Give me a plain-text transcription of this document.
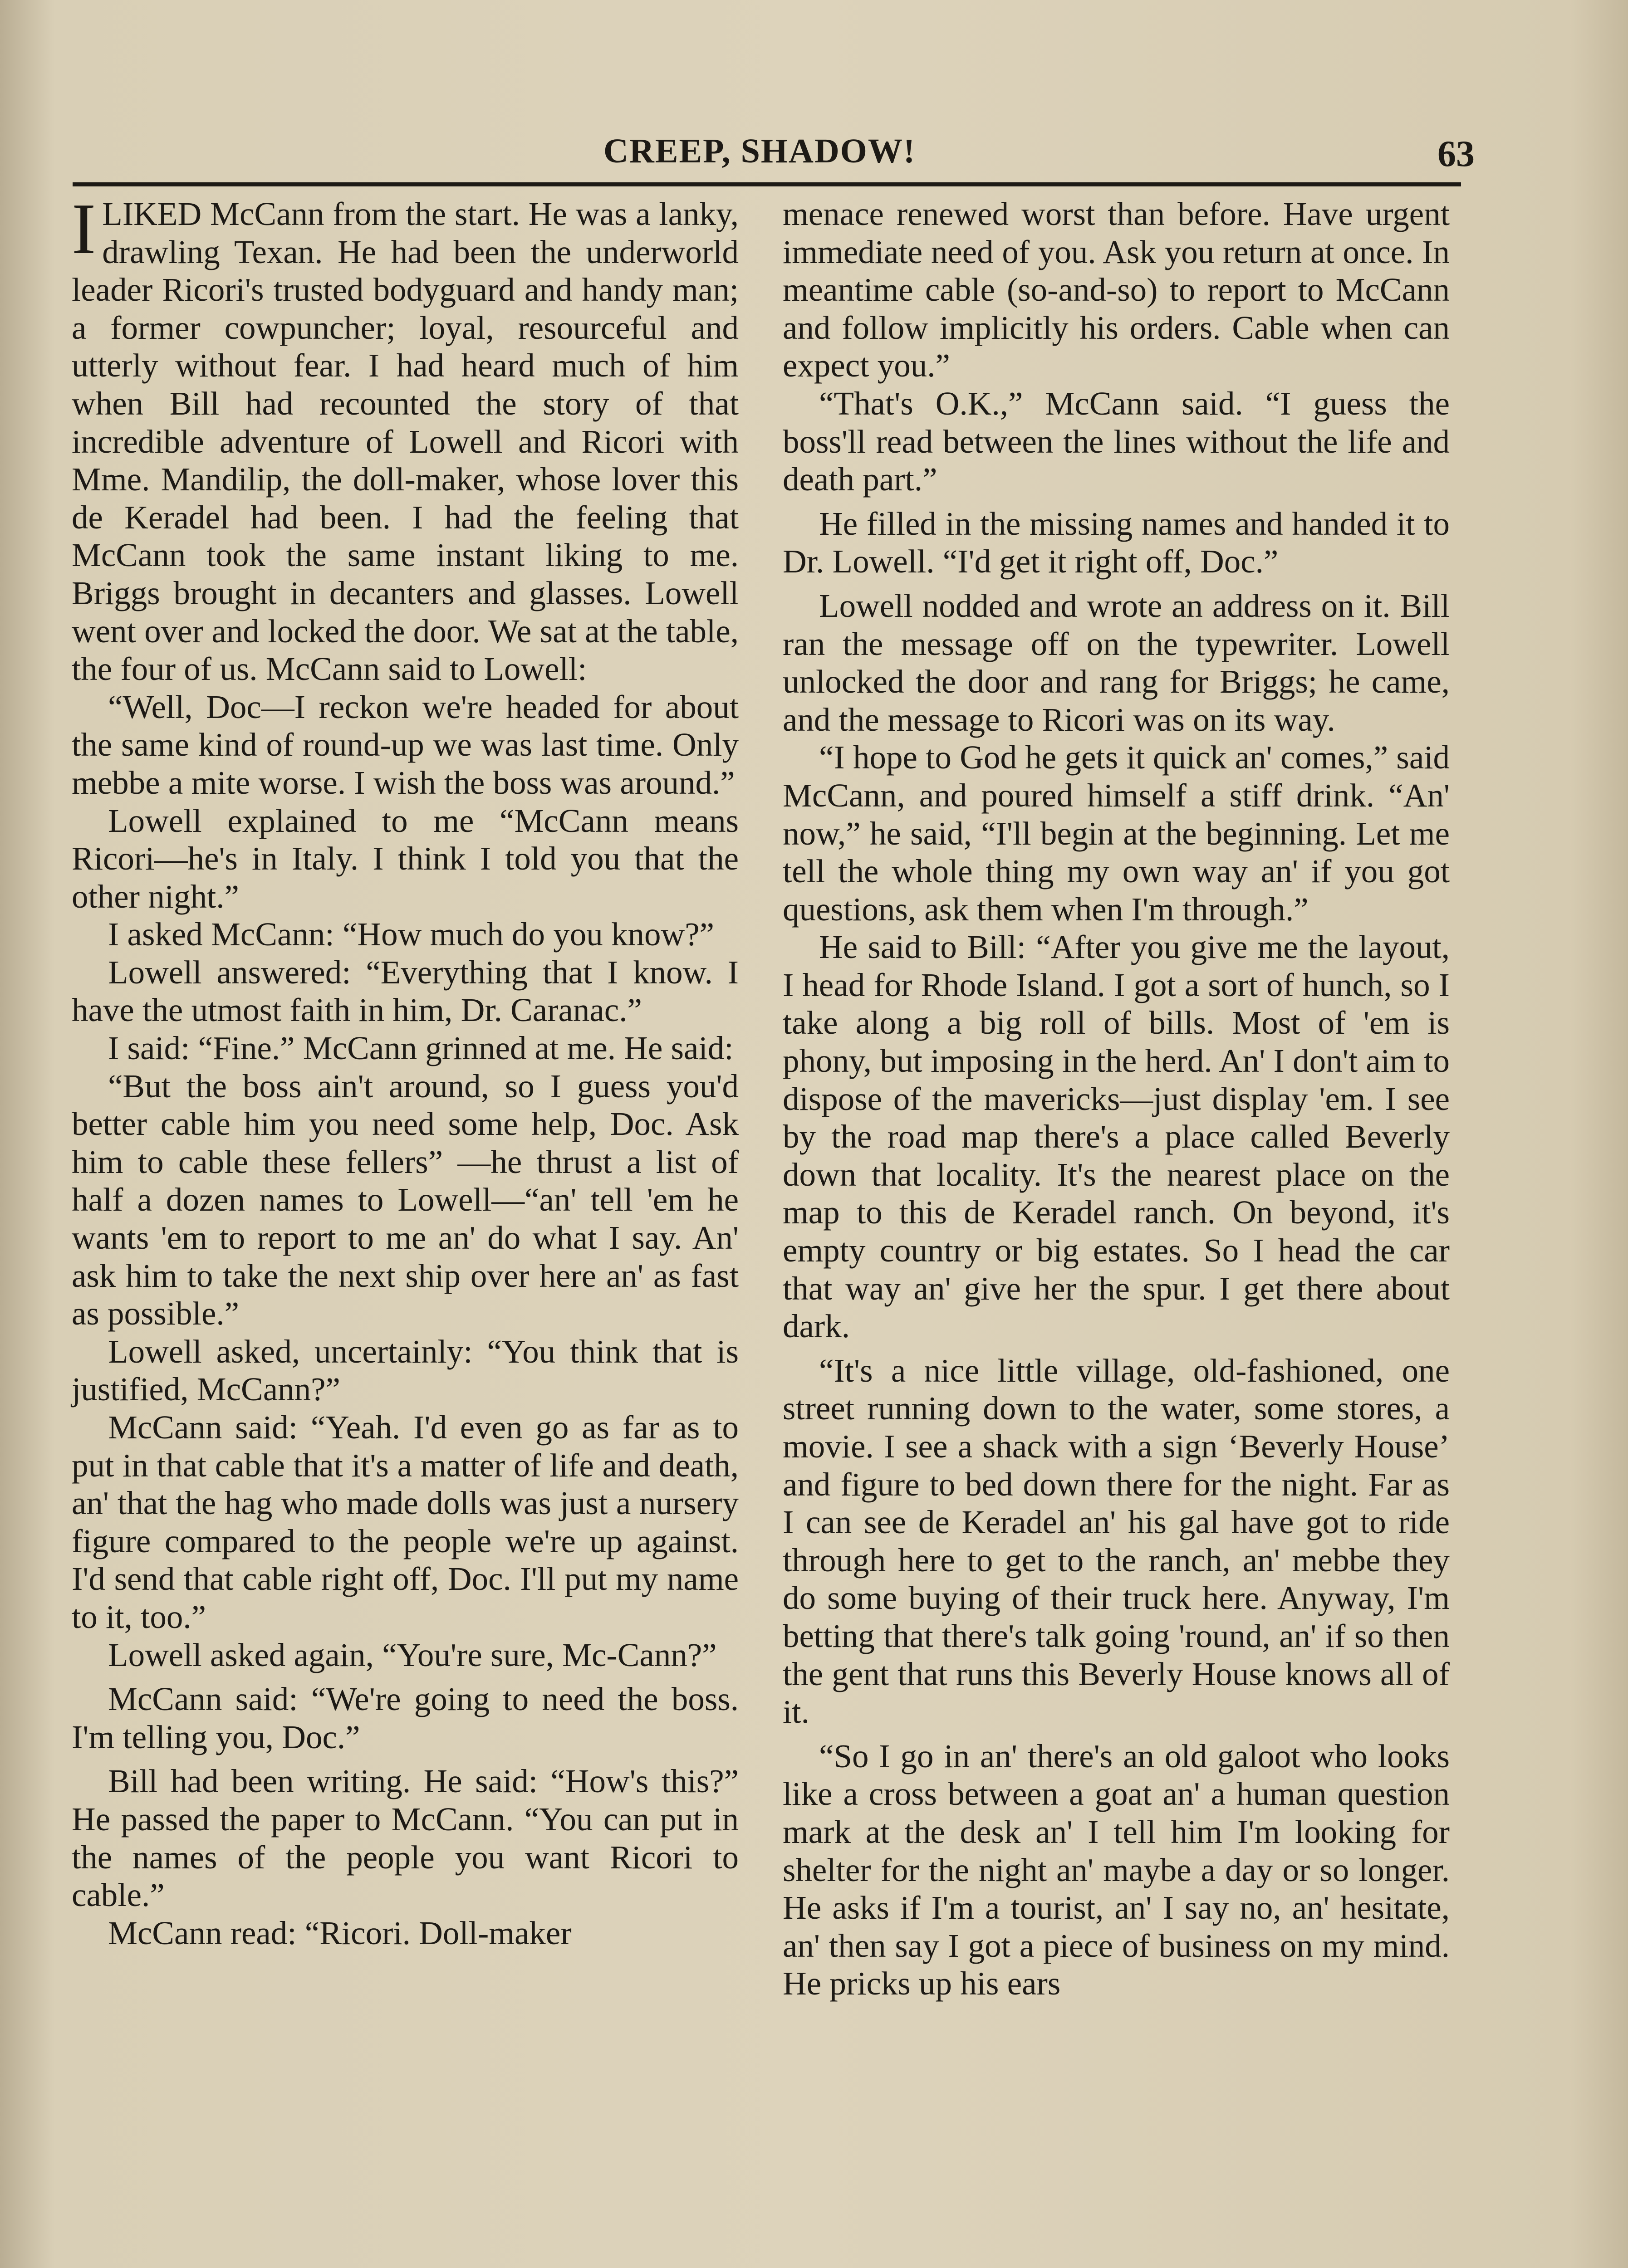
CREEP, SHADOW!	63

I LIKED McCann from the start. He was a lanky, drawling Texan. He had been the underworld leader Ricori's trusted bodyguard and handy man; a former cowpuncher; loyal, resourceful and utterly without fear. I had heard much of him when Bill had recounted the story of that incredible adventure of Lowell and Ricori with Mme. Mandilip, the doll-maker, whose lover this de Keradel had been. I had the feeling that McCann took the same instant liking to me. Briggs brought in decanters and glasses. Lowell went over and locked the door. We sat at the table, the four of us. McCann said to Lowell:

“Well, Doc—I reckon we're headed for about the same kind of round-up we was last time. Only mebbe a mite worse. I wish the boss was around.”

Lowell explained to me “McCann means Ricori—he's in Italy. I think I told you that the other night.”

I asked McCann: “How much do you know?”

Lowell answered: “Everything that I know. I have the utmost faith in him, Dr. Caranac.”

I said: “Fine.” McCann grinned at me. He said:

“But the boss ain't around, so I guess you'd better cable him you need some help, Doc. Ask him to cable these fellers” —he thrust a list of half a dozen names to Lowell—“an' tell 'em he wants 'em to report to me an' do what I say. An' ask him to take the next ship over here an' as fast as possible.”

Lowell asked, uncertainly: “You think that is justified, McCann?”

McCann said: “Yeah. I'd even go as far as to put in that cable that it's a matter of life and death, an' that the hag who made dolls was just a nursery figure compared to the people we're up against. I'd send that cable right off, Doc. I'll put my name to it, too.”

Lowell asked again, “You're sure, Mc-Cann?”

McCann said: “We're going to need the boss. I'm telling you, Doc.”

Bill had been writing. He said: “How's this?” He passed the paper to McCann. “You can put in the names of the people you want Ricori to cable.”

McCann read: “Ricori. Doll-maker

menace renewed worst than before. Have urgent immediate need of you. Ask you return at once. In meantime cable (so-and-so) to report to McCann and follow implicitly his orders. Cable when can expect you.”

“That's O.K.,” McCann said. “I guess the boss'll read between the lines without the life and death part.”

He filled in the missing names and handed it to Dr. Lowell. “I'd get it right off, Doc.”

Lowell nodded and wrote an address on it. Bill ran the message off on the typewriter. Lowell unlocked the door and rang for Briggs; he came, and the message to Ricori was on its way.

“I hope to God he gets it quick an' comes,” said McCann, and poured himself a stiff drink. “An' now,” he said, “I'll begin at the beginning. Let me tell the whole thing my own way an' if you got questions, ask them when I'm through.”

He said to Bill: “After you give me the layout, I head for Rhode Island. I got a sort of hunch, so I take along a big roll of bills. Most of 'em is phony, but imposing in the herd. An' I don't aim to dispose of the mavericks—just display 'em. I see by the road map there's a place called Beverly down that locality. It's the nearest place on the map to this de Keradel ranch. On beyond, it's empty country or big estates. So I head the car that way an' give her the spur. I get there about dark.

“It's a nice little village, old-fashioned, one street running down to the water, some stores, a movie. I see a shack with a sign ‘Beverly House’ and figure to bed down there for the night. Far as I can see de Keradel an' his gal have got to ride through here to get to the ranch, an' mebbe they do some buying of their truck here. Anyway, I'm betting that there's talk going 'round, an' if so then the gent that runs this Beverly House knows all of it.

“So I go in an' there's an old galoot who looks like a cross between a goat an' a human question mark at the desk an' I tell him I'm looking for shelter for the night an' maybe a day or so longer. He asks if I'm a tourist, an' I say no, an' hesitate, an' then say I got a piece of business on my mind. He pricks up his ears
